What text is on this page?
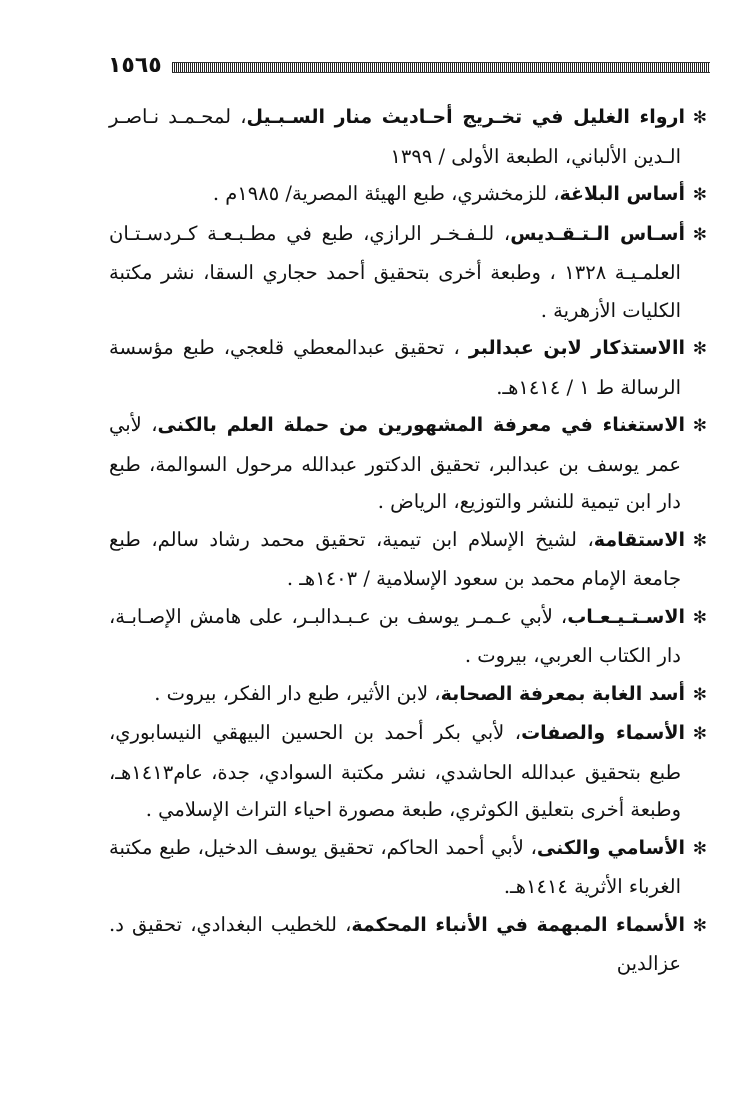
١٥٦٥

✻ارواء الغليل في تخـريج أحـاديث منار السـبـيل، لمحـمـد نـاصـر الـدين الألباني، الطبعة الأولى / ١٣٩٩

✻أساس البلاغة، للزمخشري، طبع الهيئة المصرية/ ١٩٨٥م .

✻أسـاس الـتـقـديس، للـفـخـر الرازي، طبع في مطـبـعـة كـردسـتـان العلمـيـة ١٣٢٨ ، وطبعة أخرى بتحقيق أحمد حجاري السقا، نشر مكتبة الكليات الأزهرية .

✻االاستذكار لابن عبدالبر ، تحقيق عبدالمعطي قلعجي، طبع مؤسسة الرسالة ط ١ / ١٤١٤هـ.

✻الاستغناء في معرفة المشهورين من حملة العلم بالكنى، لأبي عمر يوسف بن عبدالبر، تحقيق الدكتور عبدالله مرحول السوالمة، طبع دار ابن تيمية للنشر والتوزيع، الرياض .

✻الاستقامة، لشيخ الإسلام ابن تيمية، تحقيق محمد رشاد سالم، طبع جامعة الإمام محمد بن سعود الإسلامية / ١٤٠٣هـ .

✻الاسـتـيـعـاب، لأبي عـمـر يوسف بن عـبـدالبـر، على هامش الإصـابـة، دار الكتاب العربي، بيروت .

✻أسد الغابة بمعرفة الصحابة، لابن الأثير، طبع دار الفكر، بيروت .

✻الأسماء والصفات، لأبي بكر أحمد بن الحسين البيهقي النيسابوري، طبع بتحقيق عبدالله الحاشدي، نشر مكتبة السوادي، جدة، عام١٤١٣هـ، وطبعة أخرى بتعليق الكوثري، طبعة مصورة احياء التراث الإسلامي .

✻الأسامي والكنى، لأبي أحمد الحاكم، تحقيق يوسف الدخيل، طبع مكتبة الغرباء الأثرية ١٤١٤هـ.

✻الأسماء المبهمة في الأنباء المحكمة، للخطيب البغدادي، تحقيق د. عزالدين
